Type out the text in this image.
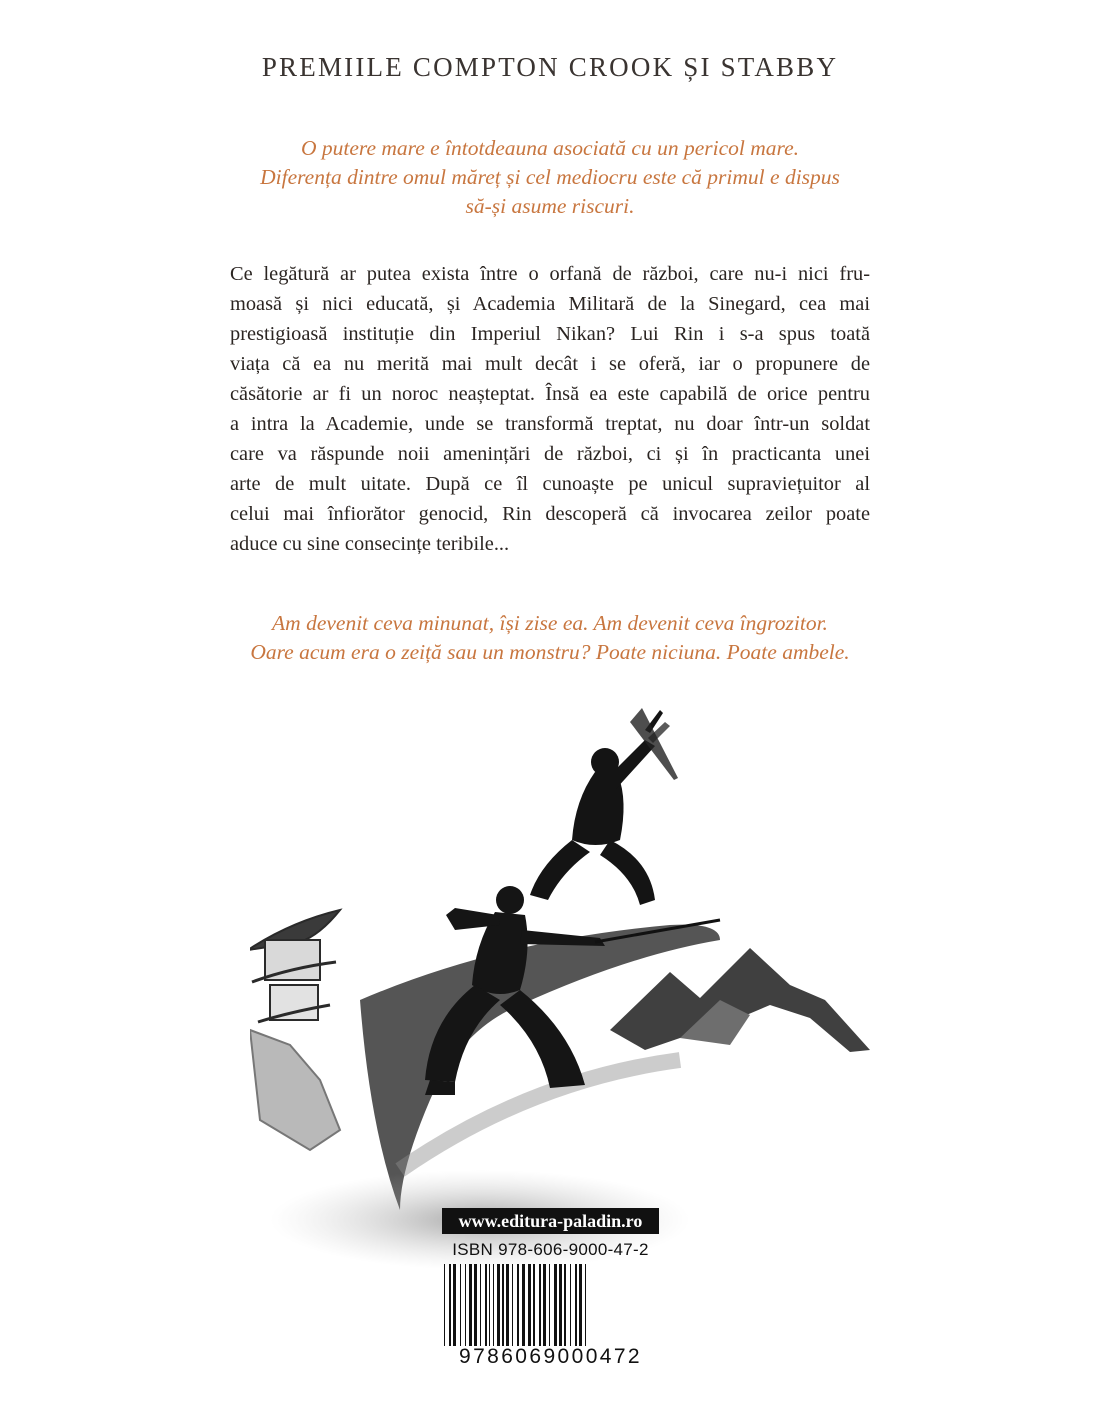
PREMIILE COMPTON CROOK ȘI STABBY
O putere mare e întotdeauna asociată cu un pericol mare.
Diferența dintre omul măreț și cel mediocru este că primul e dispus
să-și asume riscuri.
Ce legătură ar putea exista între o orfană de război, care nu-i nici fru-
moasă și nici educată, și Academia Militară de la Sinegard, cea mai
prestigioasă instituție din Imperiul Nikan? Lui Rin i s-a spus toată
viața că ea nu merită mai mult decât i se oferă, iar o propunere de
căsătorie ar fi un noroc neașteptat. Însă ea este capabilă de orice pentru
a intra la Academie, unde se transformă treptat, nu doar într-un soldat
care va răspunde noii amenințări de război, ci și în practicanta unei
arte de mult uitate. După ce îl cunoaște pe unicul supraviețuitor al
celui mai înfiorător genocid, Rin descoperă că invocarea zeilor poate
aduce cu sine consecințe teribile...
Am devenit ceva minunat, își zise ea. Am devenit ceva îngrozitor.
Oare acum era o zeiță sau un monstru? Poate niciuna. Poate ambele.
www.editura-paladin.ro
ISBN 978-606-9000-47-2
9786069000472
